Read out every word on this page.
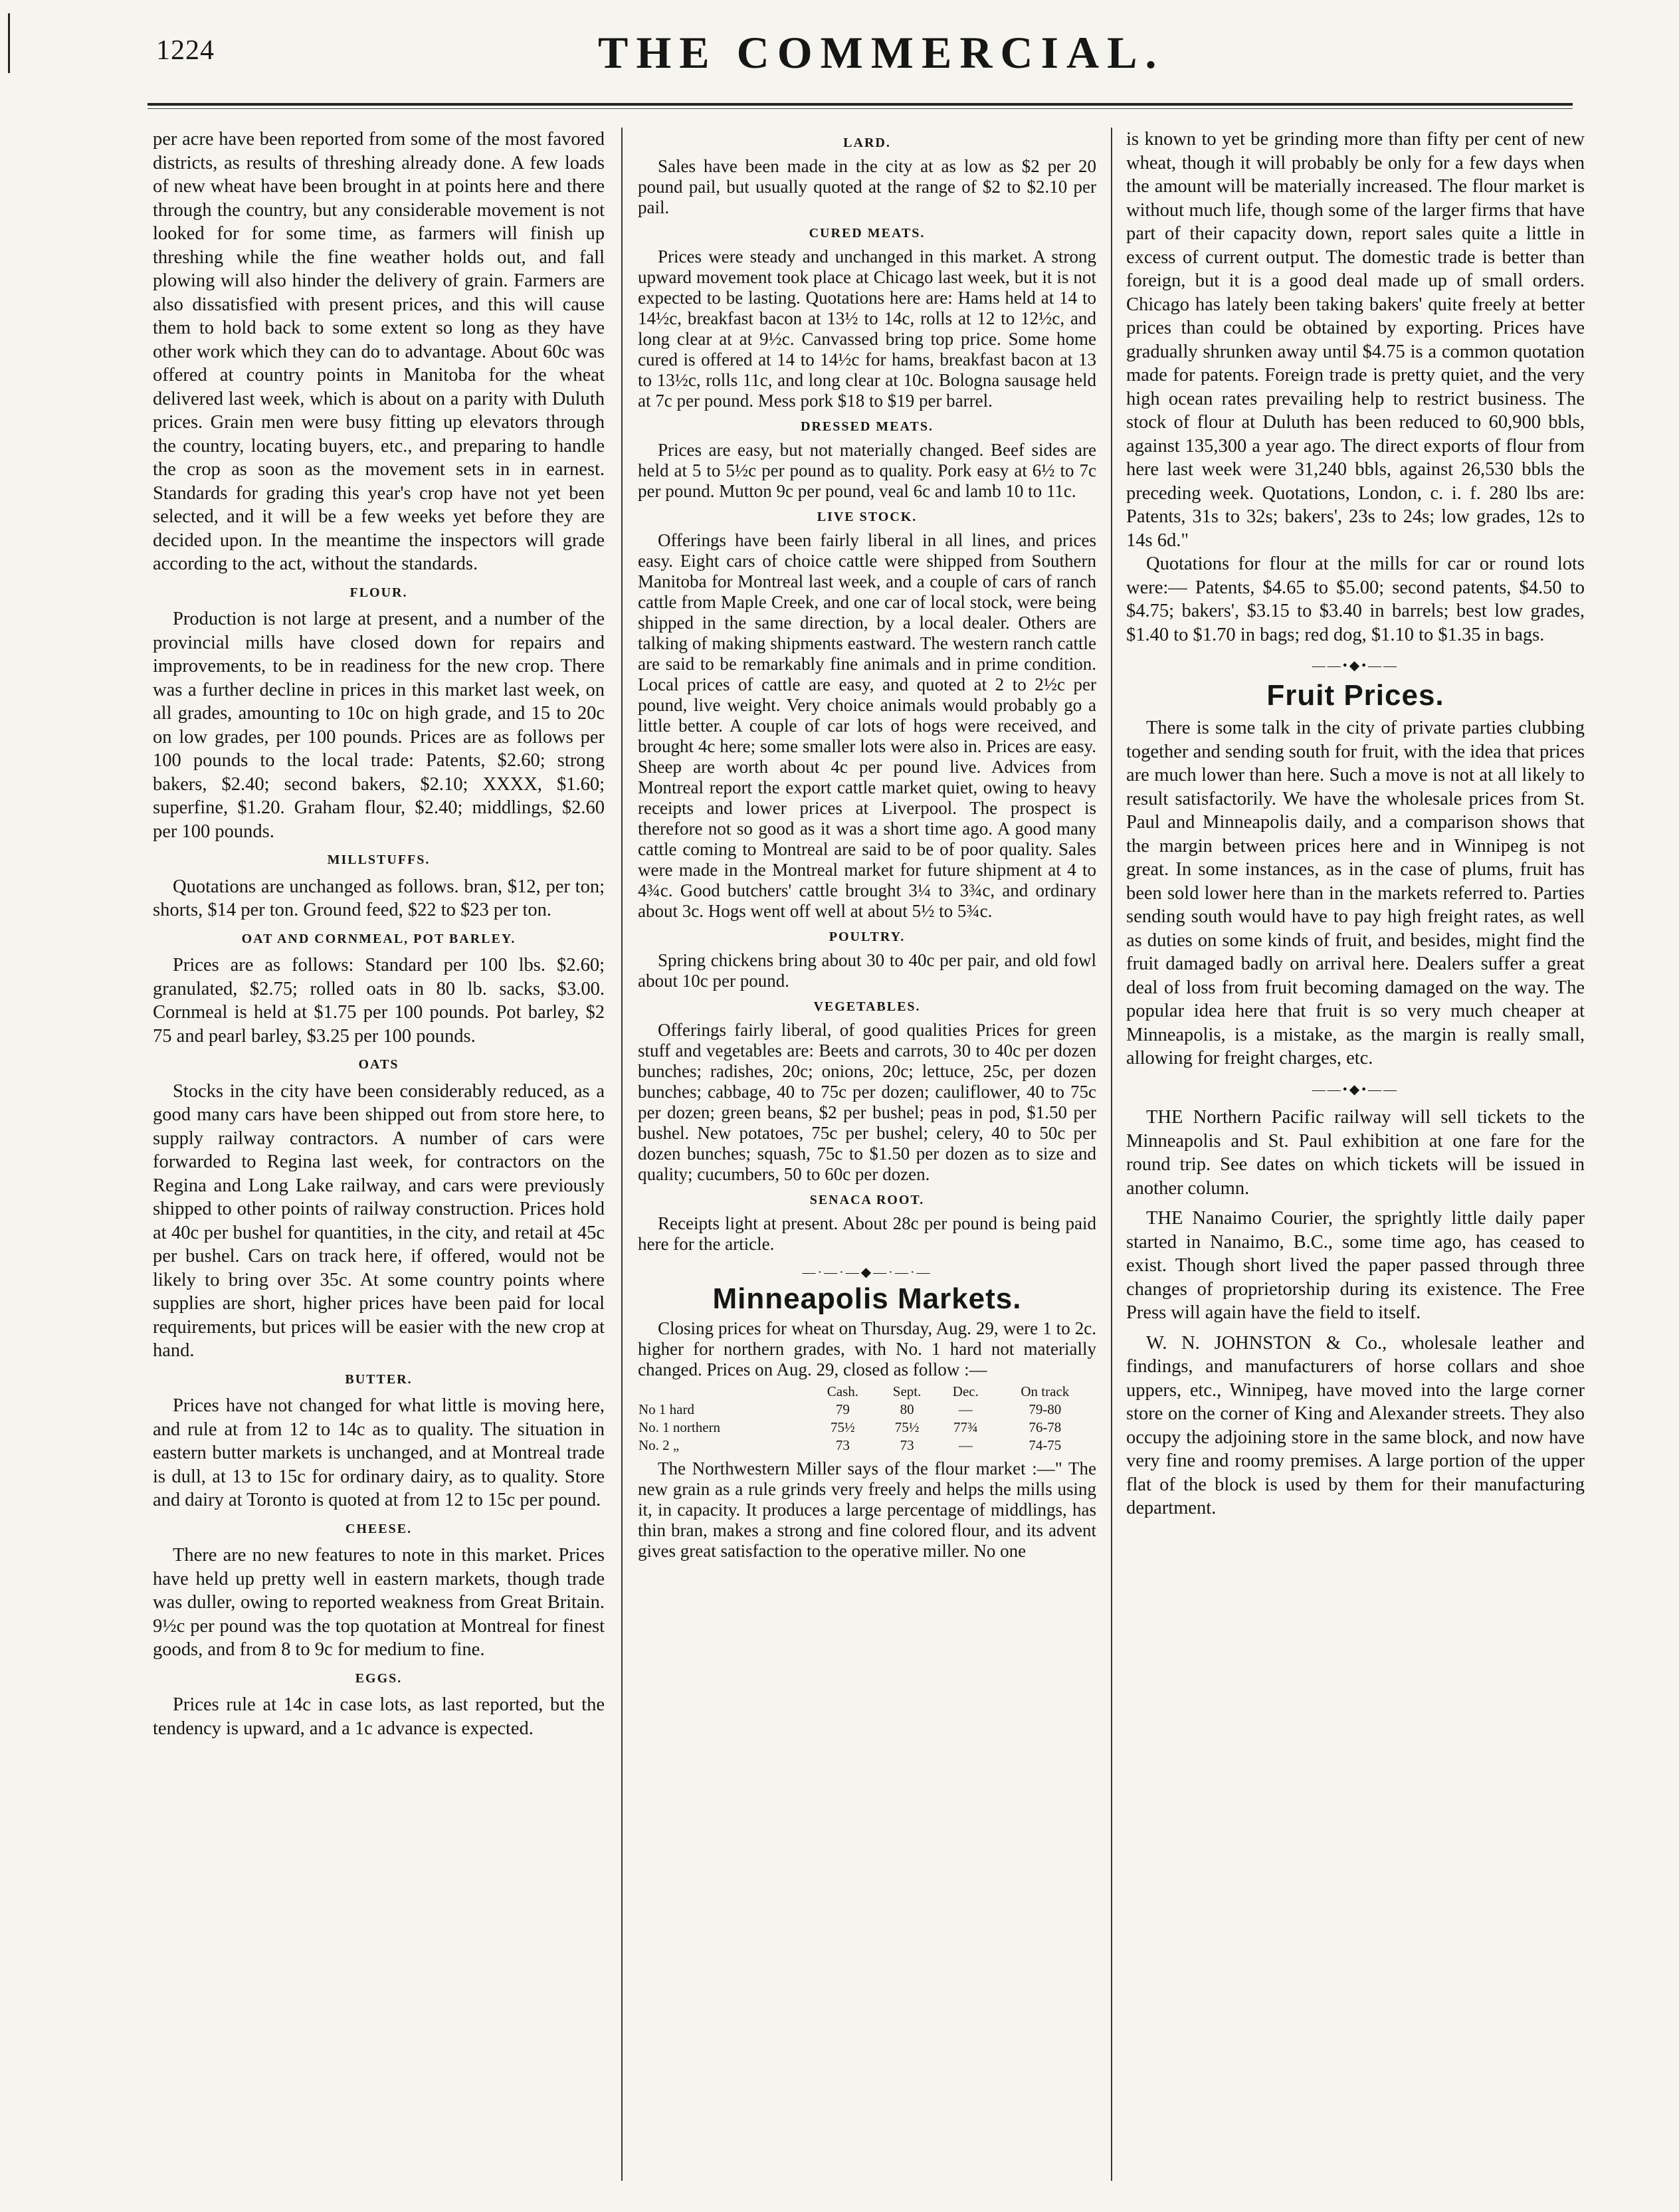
1224	THE COMMERCIAL.

per acre have been reported from some of the most favored districts, as results of threshing already done. A few loads of new wheat have been brought in at points here and there through the country, but any considerable movement is not looked for for some time, as farmers will finish up threshing while the fine weather holds out, and fall plowing will also hinder the delivery of grain. Farmers are also dissatisfied with present prices, and this will cause them to hold back to some extent so long as they have other work which they can do to advantage. About 60c was offered at country points in Manitoba for the wheat delivered last week, which is about on a parity with Duluth prices. Grain men were busy fitting up elevators through the country, locating buyers, etc., and preparing to handle the crop as soon as the movement sets in in earnest. Standards for grading this year's crop have not yet been selected, and it will be a few weeks yet before they are decided upon. In the meantime the inspectors will grade according to the act, without the standards.

FLOUR.

Production is not large at present, and a number of the provincial mills have closed down for repairs and improvements, to be in readiness for the new crop. There was a further decline in prices in this market last week, on all grades, amounting to 10c on high grade, and 15 to 20c on low grades, per 100 pounds. Prices are as follows per 100 pounds to the local trade: Patents, $2.60; strong bakers, $2.40; second bakers, $2.10; XXXX, $1.60; superfine, $1.20. Graham flour, $2.40; middlings, $2.60 per 100 pounds.

MILLSTUFFS.

Quotations are unchanged as follows. bran, $12, per ton; shorts, $14 per ton. Ground feed, $22 to $23 per ton.

OAT AND CORNMEAL, POT BARLEY.

Prices are as follows: Standard per 100 lbs. $2.60; granulated, $2.75; rolled oats in 80 lb. sacks, $3.00. Cornmeal is held at $1.75 per 100 pounds. Pot barley, $2 75 and pearl barley, $3.25 per 100 pounds.

OATS

Stocks in the city have been considerably reduced, as a good many cars have been shipped out from store here, to supply railway contractors. A number of cars were forwarded to Regina last week, for contractors on the Regina and Long Lake railway, and cars were previously shipped to other points of railway construction. Prices hold at 40c per bushel for quantities, in the city, and retail at 45c per bushel. Cars on track here, if offered, would not be likely to bring over 35c. At some country points where supplies are short, higher prices have been paid for local requirements, but prices will be easier with the new crop at hand.

BUTTER.

Prices have not changed for what little is moving here, and rule at from 12 to 14c as to quality. The situation in eastern butter markets is unchanged, and at Montreal trade is dull, at 13 to 15c for ordinary dairy, as to quality. Store and dairy at Toronto is quoted at from 12 to 15c per pound.

CHEESE.

There are no new features to note in this market. Prices have held up pretty well in eastern markets, though trade was duller, owing to reported weakness from Great Britain. 9½c per pound was the top quotation at Montreal for finest goods, and from 8 to 9c for medium to fine.

EGGS.

Prices rule at 14c in case lots, as last reported, but the tendency is upward, and a 1c advance is expected.

LARD.

Sales have been made in the city at as low as $2 per 20 pound pail, but usually quoted at the range of $2 to $2.10 per pail.

CURED MEATS.

Prices were steady and unchanged in this market. A strong upward movement took place at Chicago last week, but it is not expected to be lasting. Quotations here are: Hams held at 14 to 14½c, breakfast bacon at 13½ to 14c, rolls at 12 to 12½c, and long clear at at 9½c. Canvassed bring top price. Some home cured is offered at 14 to 14½c for hams, breakfast bacon at 13 to 13½c, rolls 11c, and long clear at 10c. Bologna sausage held at 7c per pound. Mess pork $18 to $19 per barrel.

DRESSED MEATS.

Prices are easy, but not materially changed. Beef sides are held at 5 to 5½c per pound as to quality. Pork easy at 6½ to 7c per pound. Mutton 9c per pound, veal 6c and lamb 10 to 11c.

LIVE STOCK.

Offerings have been fairly liberal in all lines, and prices easy. Eight cars of choice cattle were shipped from Southern Manitoba for Montreal last week, and a couple of cars of ranch cattle from Maple Creek, and one car of local stock, were being shipped in the same direction, by a local dealer. Others are talking of making shipments eastward. The western ranch cattle are said to be remarkably fine animals and in prime condition. Local prices of cattle are easy, and quoted at 2 to 2½c per pound, live weight. Very choice animals would probably go a little better. A couple of car lots of hogs were received, and brought 4c here; some smaller lots were also in. Prices are easy. Sheep are worth about 4c per pound live. Advices from Montreal report the export cattle market quiet, owing to heavy receipts and lower prices at Liverpool. The prospect is therefore not so good as it was a short time ago. A good many cattle coming to Montreal are said to be of poor quality. Sales were made in the Montreal market for future shipment at 4 to 4¾c. Good butchers' cattle brought 3¼ to 3¾c, and ordinary about 3c. Hogs went off well at about 5½ to 5¾c.

POULTRY.

Spring chickens bring about 30 to 40c per pair, and old fowl about 10c per pound.

VEGETABLES.

Offerings fairly liberal, of good qualities Prices for green stuff and vegetables are: Beets and carrots, 30 to 40c per dozen bunches; radishes, 20c; onions, 20c; lettuce, 25c, per dozen bunches; cabbage, 40 to 75c per dozen; cauliflower, 40 to 75c per dozen; green beans, $2 per bushel; peas in pod, $1.50 per bushel. New potatoes, 75c per bushel; celery, 40 to 50c per dozen bunches; squash, 75c to $1.50 per dozen as to size and quality; cucumbers, 50 to 60c per dozen.

SENACA ROOT.

Receipts light at present. About 28c per pound is being paid here for the article.

—·—·—◆—·—·—
Minneapolis Markets.

Closing prices for wheat on Thursday, Aug. 29, were 1 to 2c. higher for northern grades, with No. 1 hard not materially changed. Prices on Aug. 29, closed as follow :—

	Cash.	Sept.	Dec.	On track
No 1 hard	79	80	—	79-80
No. 1 northern	75½	75½	77¾	76-78
No. 2 „	73	73	—	74-75

The Northwestern Miller says of the flour market :—" The new grain as a rule grinds very freely and helps the mills using it, in capacity. It produces a large percentage of middlings, has thin bran, makes a strong and fine colored flour, and its advent gives great satisfaction to the operative miller. No one

is known to yet be grinding more than fifty per cent of new wheat, though it will probably be only for a few days when the amount will be materially increased. The flour market is without much life, though some of the larger firms that have part of their capacity down, report sales quite a little in excess of current output. The domestic trade is better than foreign, but it is a good deal made up of small orders. Chicago has lately been taking bakers' quite freely at better prices than could be obtained by exporting. Prices have gradually shrunken away until $4.75 is a common quotation made for patents. Foreign trade is pretty quiet, and the very high ocean rates prevailing help to restrict business. The stock of flour at Duluth has been reduced to 60,900 bbls, against 135,300 a year ago. The direct exports of flour from here last week were 31,240 bbls, against 26,530 bbls the preceding week. Quotations, London, c. i. f. 280 lbs are: Patents, 31s to 32s; bakers', 23s to 24s; low grades, 12s to 14s 6d."

Quotations for flour at the mills for car or round lots were:— Patents, $4.65 to $5.00; second patents, $4.50 to $4.75; bakers', $3.15 to $3.40 in barrels; best low grades, $1.40 to $1.70 in bags; red dog, $1.10 to $1.35 in bags.

——•◆•——
Fruit Prices.

There is some talk in the city of private parties clubbing together and sending south for fruit, with the idea that prices are much lower than here. Such a move is not at all likely to result satisfactorily. We have the wholesale prices from St. Paul and Minneapolis daily, and a comparison shows that the margin between prices here and in Winnipeg is not great. In some instances, as in the case of plums, fruit has been sold lower here than in the markets referred to. Parties sending south would have to pay high freight rates, as well as duties on some kinds of fruit, and besides, might find the fruit damaged badly on arrival here. Dealers suffer a great deal of loss from fruit becoming damaged on the way. The popular idea here that fruit is so very much cheaper at Minneapolis, is a mistake, as the margin is really small, allowing for freight charges, etc.

——•◆•——

THE Northern Pacific railway will sell tickets to the Minneapolis and St. Paul exhibition at one fare for the round trip. See dates on which tickets will be issued in another column.

THE Nanaimo Courier, the sprightly little daily paper started in Nanaimo, B.C., some time ago, has ceased to exist. Though short lived the paper passed through three changes of proprietorship during its existence. The Free Press will again have the field to itself.

W. N. JOHNSTON & Co., wholesale leather and findings, and manufacturers of horse collars and shoe uppers, etc., Winnipeg, have moved into the large corner store on the corner of King and Alexander streets. They also occupy the adjoining store in the same block, and now have very fine and roomy premises. A large portion of the upper flat of the block is used by them for their manufacturing department.
